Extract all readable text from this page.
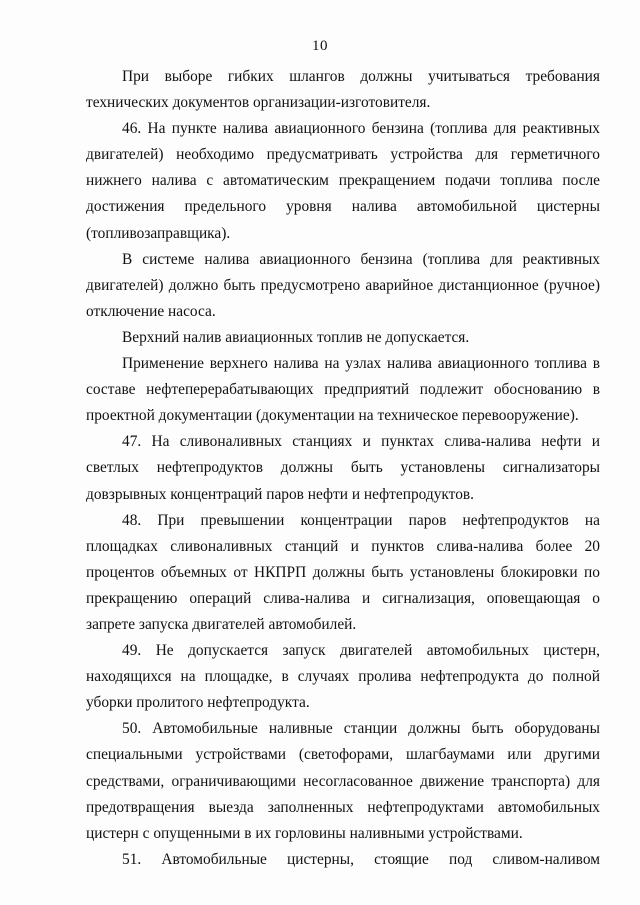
10

При выборе гибких шлангов должны учитываться требования технических документов организации-изготовителя.

46. На пункте налива авиационного бензина (топлива для реактивных двигателей) необходимо предусматривать устройства для герметичного нижнего налива с автоматическим прекращением подачи топлива после достижения предельного уровня налива автомобильной цистерны (топливозаправщика).

В системе налива авиационного бензина (топлива для реактивных двигателей) должно быть предусмотрено аварийное дистанционное (ручное) отключение насоса.

Верхний налив авиационных топлив не допускается.

Применение верхнего налива на узлах налива авиационного топлива в составе нефтеперерабатывающих предприятий подлежит обоснованию в проектной документации (документации на техническое перевооружение).

47. На сливоналивных станциях и пунктах слива-налива нефти и светлых нефтепродуктов должны быть установлены сигнализаторы довзрывных концентраций паров нефти и нефтепродуктов.

48. При превышении концентрации паров нефтепродуктов на площадках сливоналивных станций и пунктов слива-налива более 20 процентов объемных от НКПРП должны быть установлены блокировки по прекращению операций слива-налива и сигнализация, оповещающая о запрете запуска двигателей автомобилей.

49. Не допускается запуск двигателей автомобильных цистерн, находящихся на площадке, в случаях пролива нефтепродукта до полной уборки пролитого нефтепродукта.

50. Автомобильные наливные станции должны быть оборудованы специальными устройствами (светофорами, шлагбаумами или другими средствами, ограничивающими несогласованное движение транспорта) для предотвращения выезда заполненных нефтепродуктами автомобильных цистерн с опущенными в их горловины наливными устройствами.

51. Автомобильные цистерны, стоящие под сливом-наливом
